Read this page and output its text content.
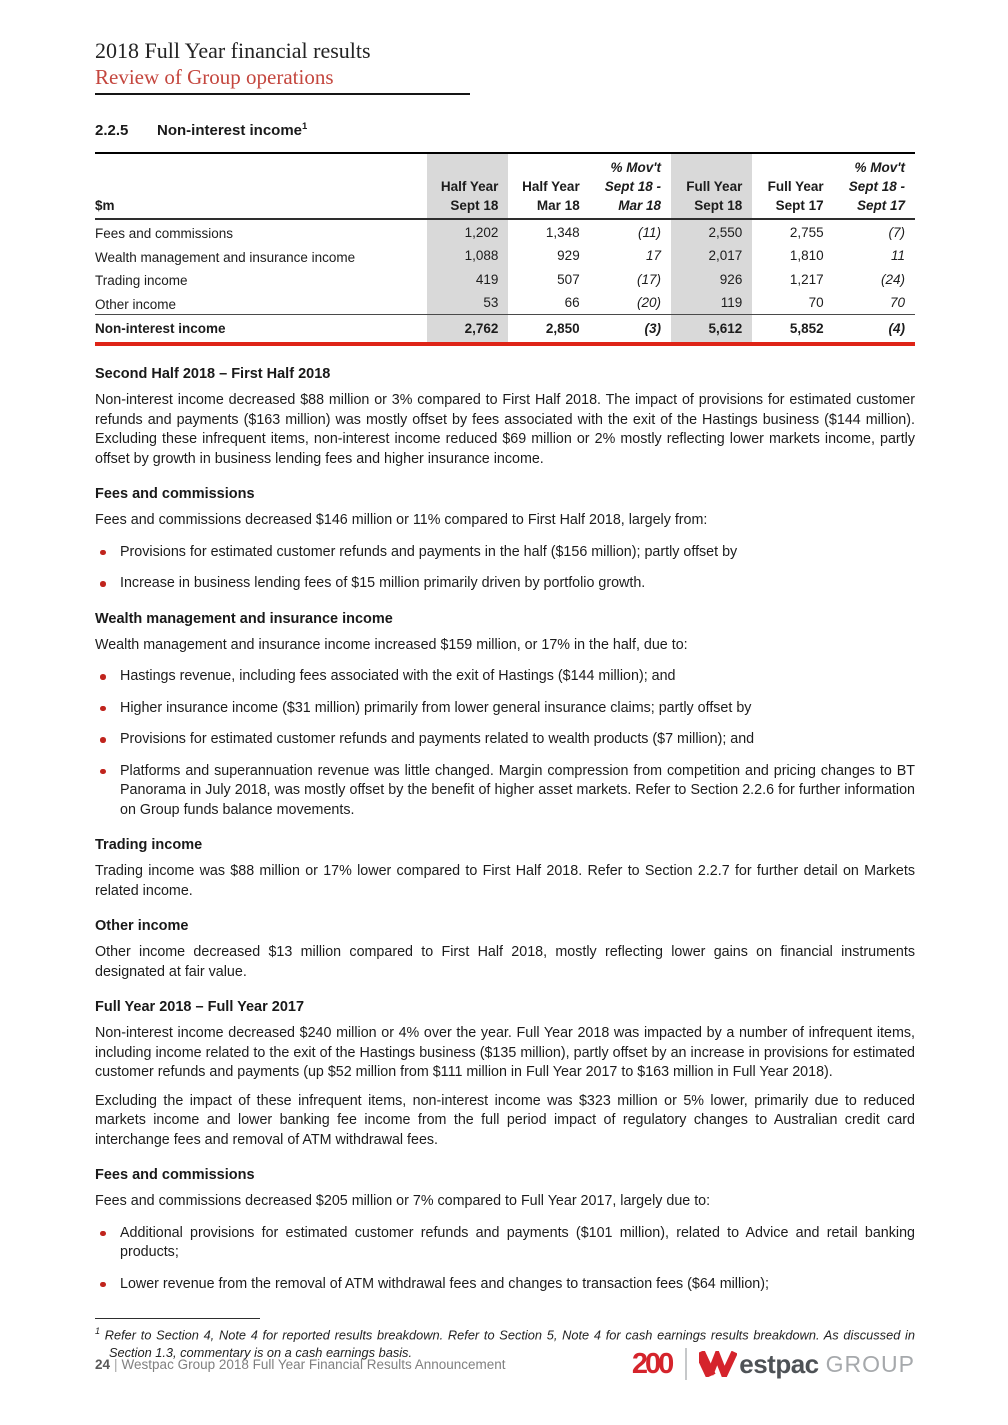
2018 Full Year financial results
Review of Group operations
2.2.5 Non-interest income$^1$
			% Mov't			% Mov't
	Half Year	Half Year	Sept 18 -	Full Year	Full Year	Sept 18 -
$m	Sept 18	Mar 18	Mar 18	Sept 18	Sept 17	Sept 17
Fees and commissions	1,202	1,348	(11)	2,550	2,755	(7)
Wealth management and insurance income	1,088	929	17	2,017	1,810	11
Trading income	419	507	(17)	926	1,217	(24)
Other income	53	66	(20)	119	70	70
Non-interest income	2,762	2,850	(3)	5,612	5,852	(4)
Second Half 2018 – First Half 2018

Non-interest income decreased $88 million or 3% compared to First Half 2018. The impact of provisions for estimated customer refunds and payments ($163 million) was mostly offset by fees associated with the exit of the Hastings business ($144 million). Excluding these infrequent items, non-interest income reduced $69 million or 2% mostly reflecting lower markets income, partly offset by growth in business lending fees and higher insurance income.

Fees and commissions

Fees and commissions decreased $146 million or 11% compared to First Half 2018, largely from:

Provisions for estimated customer refunds and payments in the half ($156 million); partly offset by
Increase in business lending fees of $15 million primarily driven by portfolio growth.
Wealth management and insurance income

Wealth management and insurance income increased $159 million, or 17% in the half, due to:

Hastings revenue, including fees associated with the exit of Hastings ($144 million); and
Higher insurance income ($31 million) primarily from lower general insurance claims; partly offset by
Provisions for estimated customer refunds and payments related to wealth products ($7 million); and
Platforms and superannuation revenue was little changed. Margin compression from competition and pricing changes to BT Panorama in July 2018, was mostly offset by the benefit of higher asset markets. Refer to Section 2.2.6 for further information on Group funds balance movements.
Trading income

Trading income was $88 million or 17% lower compared to First Half 2018. Refer to Section 2.2.7 for further detail on Markets related income.

Other income

Other income decreased $13 million compared to First Half 2018, mostly reflecting lower gains on financial instruments designated at fair value.

Full Year 2018 – Full Year 2017

Non-interest income decreased $240 million or 4% over the year. Full Year 2018 was impacted by a number of infrequent items, including income related to the exit of the Hastings business ($135 million), partly offset by an increase in provisions for estimated customer refunds and payments (up $52 million from $111 million in Full Year 2017 to $163 million in Full Year 2018).

Excluding the impact of these infrequent items, non-interest income was $323 million or 5% lower, primarily due to reduced markets income and lower banking fee income from the full period impact of regulatory changes to Australian credit card interchange fees and removal of ATM withdrawal fees.

Fees and commissions

Fees and commissions decreased $205 million or 7% compared to Full Year 2017, largely due to:

Additional provisions for estimated customer refunds and payments ($101 million), related to Advice and retail banking products;
Lower revenue from the removal of ATM withdrawal fees and changes to transaction fees ($64 million);

$^1$ Refer to Section 4, Note 4 for reported results breakdown. Refer to Section 5, Note 4 for cash earnings results breakdown. As discussed in Section 1.3, commentary is on a cash earnings basis.

24 | Westpac Group 2018 Full Year Financial Results Announcement	200	estpac GROUP
